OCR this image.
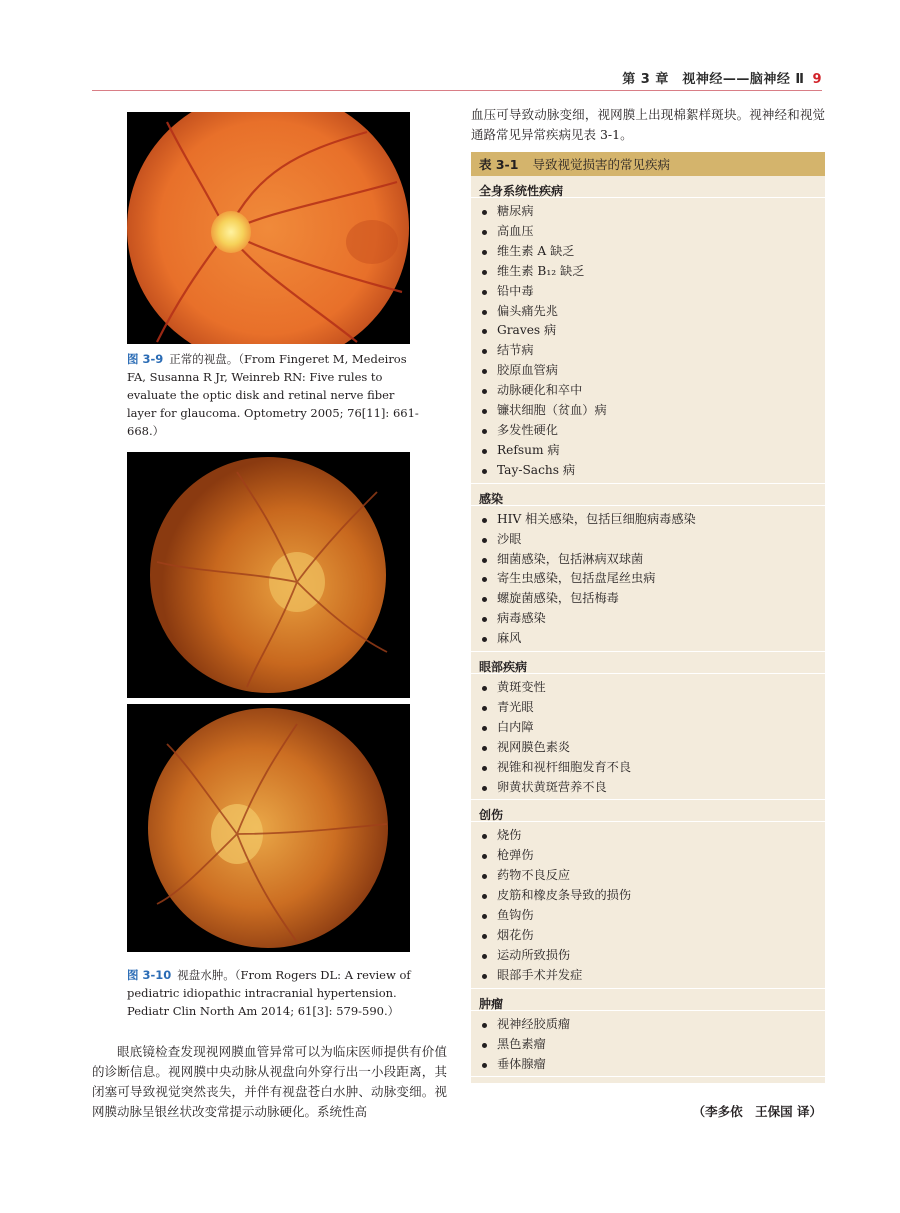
第 3 章　视神经——脑神经 Ⅱ 9
图 3-9 正常的视盘。（From Fingeret M, Medeiros FA, Susanna R Jr, Weinreb RN: Five rules to evaluate the optic disk and retinal nerve fiber layer for glaucoma. Optometry 2005; 76[11]: 661-668.）
图 3-10 视盘水肿。（From Rogers DL: A review of pediatric idiopathic intracranial hypertension. Pediatr Clin North Am 2014; 61[3]: 579-590.）

眼底镜检查发现视网膜血管异常可以为临床医师提供有价值的诊断信息。视网膜中央动脉从视盘向外穿行出一小段距离，其闭塞可导致视觉突然丧失，并伴有视盘苍白水肿、动脉变细。视网膜动脉呈银丝状改变常提示动脉硬化。系统性高

血压可导致动脉变细，视网膜上出现棉絮样斑块。视神经和视觉通路常见异常疾病见表 3-1。

表 3-1 导致视觉损害的常见疾病
全身系统性疾病
糖尿病
高血压
维生素 A 缺乏
维生素 B₁₂ 缺乏
铅中毒
偏头痛先兆
Graves 病
结节病
胶原血管病
动脉硬化和卒中
镰状细胞（贫血）病
多发性硬化
Refsum 病
Tay-Sachs 病
感染
HIV 相关感染，包括巨细胞病毒感染
沙眼
细菌感染，包括淋病双球菌
寄生虫感染，包括盘尾丝虫病
螺旋菌感染，包括梅毒
病毒感染
麻风
眼部疾病
黄斑变性
青光眼
白内障
视网膜色素炎
视锥和视杆细胞发育不良
卵黄状黄斑营养不良
创伤
烧伤
枪弹伤
药物不良反应
皮筋和橡皮条导致的损伤
鱼钩伤
烟花伤
运动所致损伤
眼部手术并发症
肿瘤
视神经胶质瘤
黑色素瘤
垂体腺瘤
（李多依　王保国 译）
